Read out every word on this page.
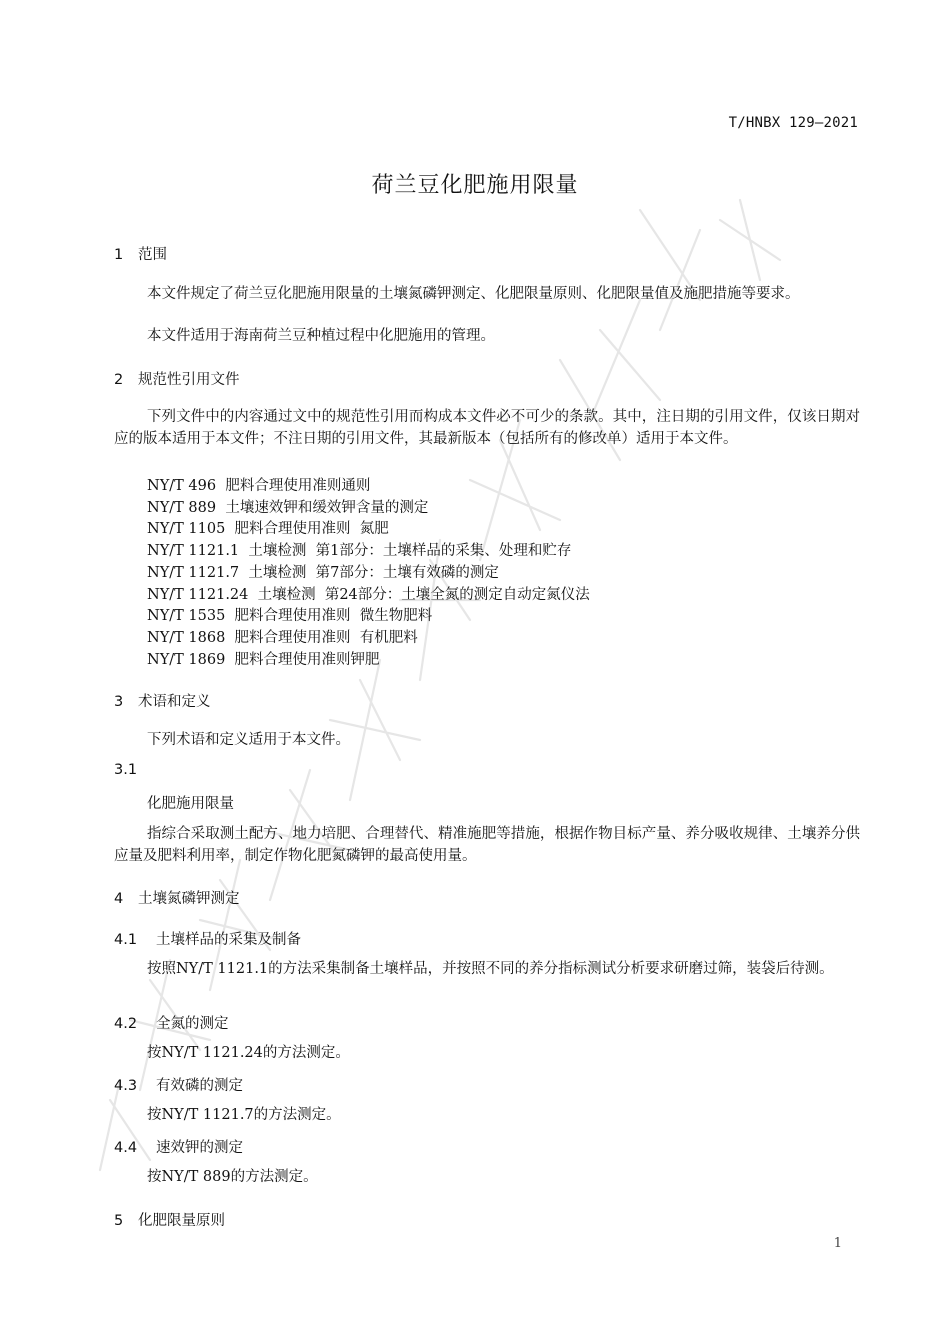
T/HNBX 129—2021
荷兰豆化肥施用限量
1 范围
本文件规定了荷兰豆化肥施用限量的土壤氮磷钾测定、化肥限量原则、化肥限量值及施肥措施等要求。
本文件适用于海南荷兰豆种植过程中化肥施用的管理。
2 规范性引用文件
下列文件中的内容通过文中的规范性引用而构成本文件必不可少的条款。其中，注日期的引用文件，仅该日期对应的版本适用于本文件；不注日期的引用文件，其最新版本（包括所有的修改单）适用于本文件。
NY/T 496  肥料合理使用准则通则
NY/T 889  土壤速效钾和缓效钾含量的测定
NY/T 1105  肥料合理使用准则  氮肥
NY/T 1121.1  土壤检测  第1部分：土壤样品的采集、处理和贮存
NY/T 1121.7  土壤检测  第7部分：土壤有效磷的测定
NY/T 1121.24  土壤检测  第24部分：土壤全氮的测定自动定氮仪法
NY/T 1535  肥料合理使用准则  微生物肥料
NY/T 1868  肥料合理使用准则  有机肥料
NY/T 1869  肥料合理使用准则钾肥
3 术语和定义
下列术语和定义适用于本文件。
3.1
化肥施用限量
指综合采取测土配方、地力培肥、合理替代、精准施肥等措施，根据作物目标产量、养分吸收规律、土壤养分供应量及肥料利用率，制定作物化肥氮磷钾的最高使用量。
4 土壤氮磷钾测定
4.1 土壤样品的采集及制备
按照NY/T 1121.1的方法采集制备土壤样品，并按照不同的养分指标测试分析要求研磨过筛，装袋后待测。
4.2 全氮的测定
按NY/T 1121.24的方法测定。
4.3 有效磷的测定
按NY/T 1121.7的方法测定。
4.4 速效钾的测定
按NY/T 889的方法测定。
5 化肥限量原则
1
